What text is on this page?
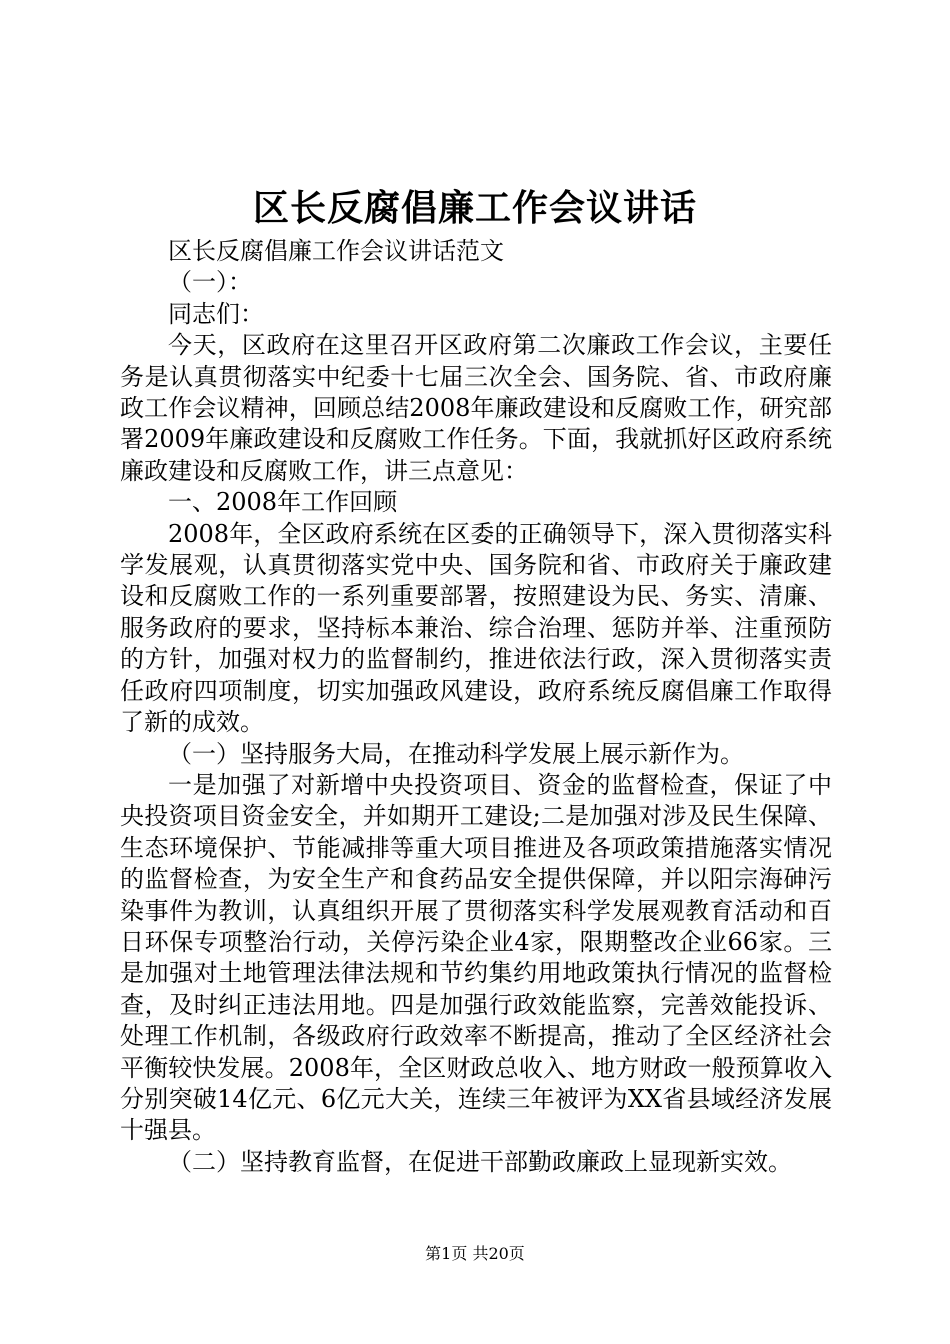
区长反腐倡廉工作会议讲话

区长反腐倡廉工作会议讲话范文

（一）：

同志们：

今天，区政府在这里召开区政府第二次廉政工作会议，主要任务是认真贯彻落实中纪委十七届三次全会、国务院、省、市政府廉政工作会议精神，回顾总结2008年廉政建设和反腐败工作，研究部署2009年廉政建设和反腐败工作任务。下面，我就抓好区政府系统廉政建设和反腐败工作，讲三点意见：

一、2008年工作回顾

2008年，全区政府系统在区委的正确领导下，深入贯彻落实科学发展观，认真贯彻落实党中央、国务院和省、市政府关于廉政建设和反腐败工作的一系列重要部署，按照建设为民、务实、清廉、服务政府的要求，坚持标本兼治、综合治理、惩防并举、注重预防的方针，加强对权力的监督制约，推进依法行政，深入贯彻落实责任政府四项制度，切实加强政风建设，政府系统反腐倡廉工作取得了新的成效。

（一）坚持服务大局，在推动科学发展上展示新作为。

一是加强了对新增中央投资项目、资金的监督检查，保证了中央投资项目资金安全，并如期开工建设;二是加强对涉及民生保障、生态环境保护、节能减排等重大项目推进及各项政策措施落实情况的监督检查，为安全生产和食药品安全提供保障，并以阳宗海砷污染事件为教训，认真组织开展了贯彻落实科学发展观教育活动和百日环保专项整治行动，关停污染企业4家，限期整改企业66家。三是加强对土地管理法律法规和节约集约用地政策执行情况的监督检查，及时纠正违法用地。四是加强行政效能监察，完善效能投诉、处理工作机制，各级政府行政效率不断提高，推动了全区经济社会平衡较快发展。2008年，全区财政总收入、地方财政一般预算收入分别突破14亿元、6亿元大关，连续三年被评为XX省县域经济发展十强县。

（二）坚持教育监督，在促进干部勤政廉政上显现新实效。

第1页 共20页
